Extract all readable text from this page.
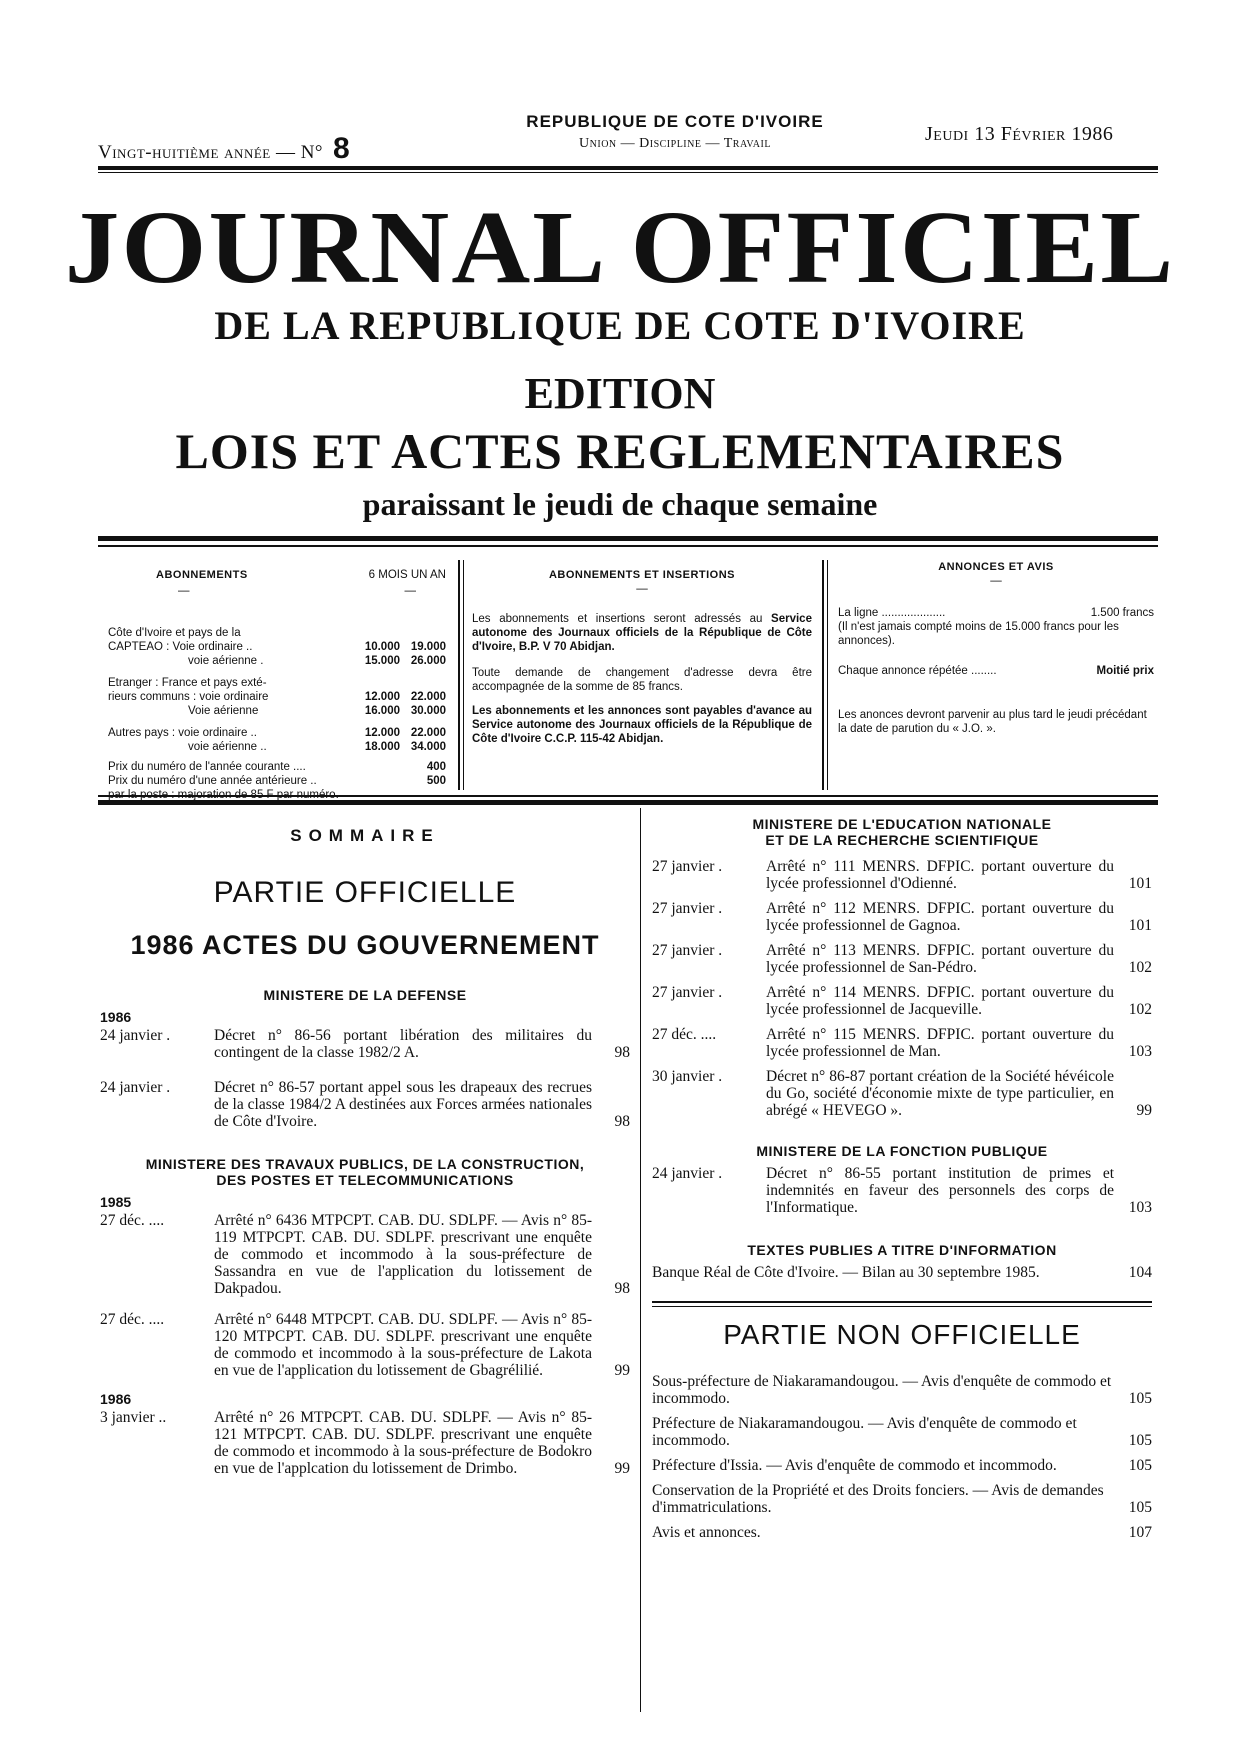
Vingt-huitième année — N° 8
REPUBLIQUE DE COTE D'IVOIRE
Union — Discipline — Travail	Jeudi 13 Février 1986
JOURNAL OFFICIEL
DE LA REPUBLIQUE DE COTE D'IVOIRE
EDITION
LOIS ET ACTES REGLEMENTAIRES
paraissant le jeudi de chaque semaine
ABONNEMENTS	6 MOIS UN AN
—	—
Côte d'Ivoire et pays de la
CAPTEAO : Voie ordinaire ..	10.000 19.000
voie aérienne .	15.000 26.000
Etranger : France et pays exté-
rieurs communs : voie ordinaire	12.000 22.000
Voie aérienne	16.000 30.000
Autres pays : voie ordinaire ..	12.000 22.000
voie aérienne ..	18.000 34.000
Prix du numéro de l'année courante ....	400
Prix du numéro d'une année antérieure ..	500
ABONNEMENTS ET INSERTIONS
—
Les abonnements et insertions seront adressés au Service autonome des Journaux officiels de la République de Côte d'Ivoire, B.P. V 70 Abidjan.
Toute demande de changement d'adresse devra être accompagnée de la somme de 85 francs.
Les abonnements et les annonces sont payables d'avance au Service autonome des Journaux officiels de la République de Côte d'Ivoire C.C.P. 115-42 Abidjan.
ANNONCES ET AVIS
—
La ligne ....................	1.500 francs
(Il n'est jamais compté moins de 15.000 francs pour les annonces).
Chaque annonce répétée ........	Moitié prix
Les anonces devront parvenir au plus tard le jeudi précédant la date de parution du « J.O. ».
SOMMAIRE
PARTIE OFFICIELLE
1986 ACTES DU GOUVERNEMENT
MINISTERE DE LA DEFENSE
1986
24 janvier .	Décret n° 86-56 portant libération des militaires du contingent de la classe 1982/2 A.	98
24 janvier .	Décret n° 86-57 portant appel sous les drapeaux des recrues de la classe 1984/2 A destinées aux Forces armées nationales de Côte d'Ivoire.	98
MINISTERE DES TRAVAUX PUBLICS, DE LA CONSTRUCTION,
DES POSTES ET TELECOMMUNICATIONS
1985
27 déc. ....	Arrêté n° 6436 MTPCPT. CAB. DU. SDLPF. — Avis n° 85-119 MTPCPT. CAB. DU. SDLPF. prescrivant une enquête de commodo et incommodo à la sous-préfecture de Sassandra en vue de l'application du lotissement de Dakpadou.	98
27 déc. ....	Arrêté n° 6448 MTPCPT. CAB. DU. SDLPF. — Avis n° 85-120 MTPCPT. CAB. DU. SDLPF. prescrivant une enquête de commodo et incommodo à la sous-préfecture de Lakota en vue de l'application du lotissement de Gbagrélilié.	99
1986
3 janvier ..	Arrêté n° 26 MTPCPT. CAB. DU. SDLPF. — Avis n° 85-121 MTPCPT. CAB. DU. SDLPF. prescrivant une enquête de commodo et incommodo à la sous-préfecture de Bodokro en vue de l'applcation du lotissement de Drimbo.	99
MINISTERE DE L'EDUCATION NATIONALE
ET DE LA RECHERCHE SCIENTIFIQUE
27 janvier .	Arrêté n° 111 MENRS. DFPIC. portant ouverture du lycée professionnel d'Odienné.	101
27 janvier .	Arrêté n° 112 MENRS. DFPIC. portant ouverture du lycée professionnel de Gagnoa.	101
27 janvier .	Arrêté n° 113 MENRS. DFPIC. portant ouverture du lycée professionnel de San-Pédro.	102
27 janvier .	Arrêté n° 114 MENRS. DFPIC. portant ouverture du lycée professionnel de Jacqueville.	102
27 déc. ....	Arrêté n° 115 MENRS. DFPIC. portant ouverture du lycée professionnel de Man.	103
30 janvier .	Décret n° 86-87 portant création de la Société hévéicole du Go, société d'économie mixte de type particulier, en abrégé « HEVEGO ».	99
MINISTERE DE LA FONCTION PUBLIQUE
24 janvier .	Décret n° 86-55 portant institution de primes et indemnités en faveur des personnels des corps de l'Informatique.	103
TEXTES PUBLIES A TITRE D'INFORMATION
Banque Réal de Côte d'Ivoire. — Bilan au 30 septembre 1985.	104
PARTIE NON OFFICIELLE
Sous-préfecture de Niakaramandougou. — Avis d'enquête de commodo et incommodo.	105
Préfecture de Niakaramandougou. — Avis d'enquête de commodo et incommodo.	105
Préfecture d'Issia. — Avis d'enquête de commodo et incommodo.	105
Conservation de la Propriété et des Droits fonciers. — Avis de demandes d'immatriculations.	105
Avis et annonces.	107
